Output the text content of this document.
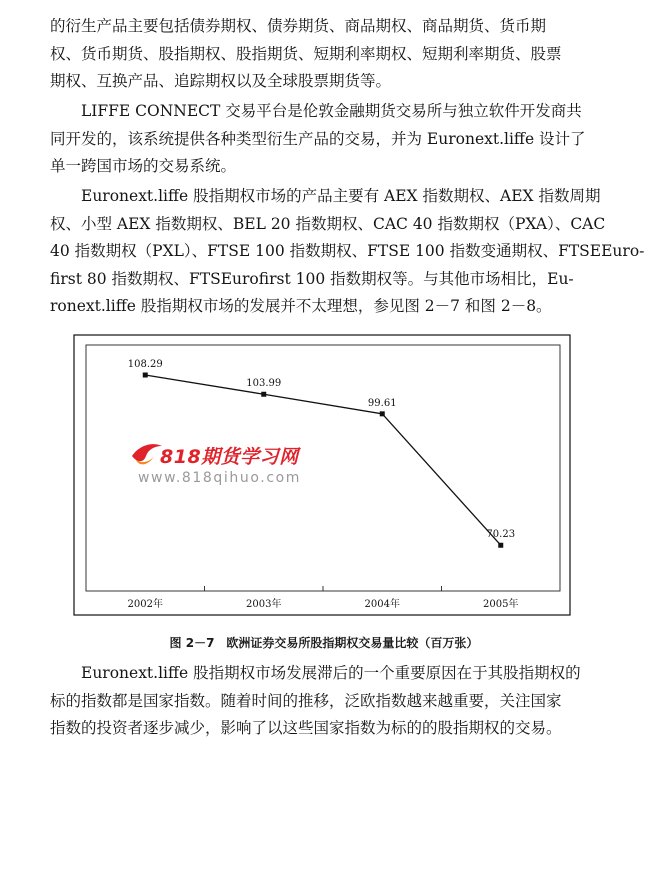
的衍生产品主要包括债券期权、债券期货、商品期权、商品期货、货币期
权、货币期货、股指期权、股指期货、短期利率期权、短期利率期货、股票
期权、互换产品、追踪期权以及全球股票期货等。

LIFFE CONNECT 交易平台是伦敦金融期货交易所与独立软件开发商共
同开发的，该系统提供各种类型衍生产品的交易，并为 Euronext.liffe 设计了
单一跨国市场的交易系统。

Euronext.liffe 股指期权市场的产品主要有 AEX 指数期权、AEX 指数周期
权、小型 AEX 指数期权、BEL 20 指数期权、CAC 40 指数期权（PXA）、CAC
40 指数期权（PXL）、FTSE 100 指数期权、FTSE 100 指数变通期权、FTSEEuro-
first 80 指数期权、FTSEurofirst 100 指数期权等。与其他市场相比，Eu-
ronext.liffe 股指期权市场的发展并不太理想，参见图 2－7 和图 2－8。

108.29
2002年
103.99
2003年
99.61
2004年
70.23
2005年
818期货学习网
www.818qihuo.com
图 2－7　欧洲证券交易所股指期权交易量比较（百万张）

Euronext.liffe 股指期权市场发展滞后的一个重要原因在于其股指期权的
标的指数都是国家指数。随着时间的推移，泛欧指数越来越重要，关注国家
指数的投资者逐步减少，影响了以这些国家指数为标的的股指期权的交易。
